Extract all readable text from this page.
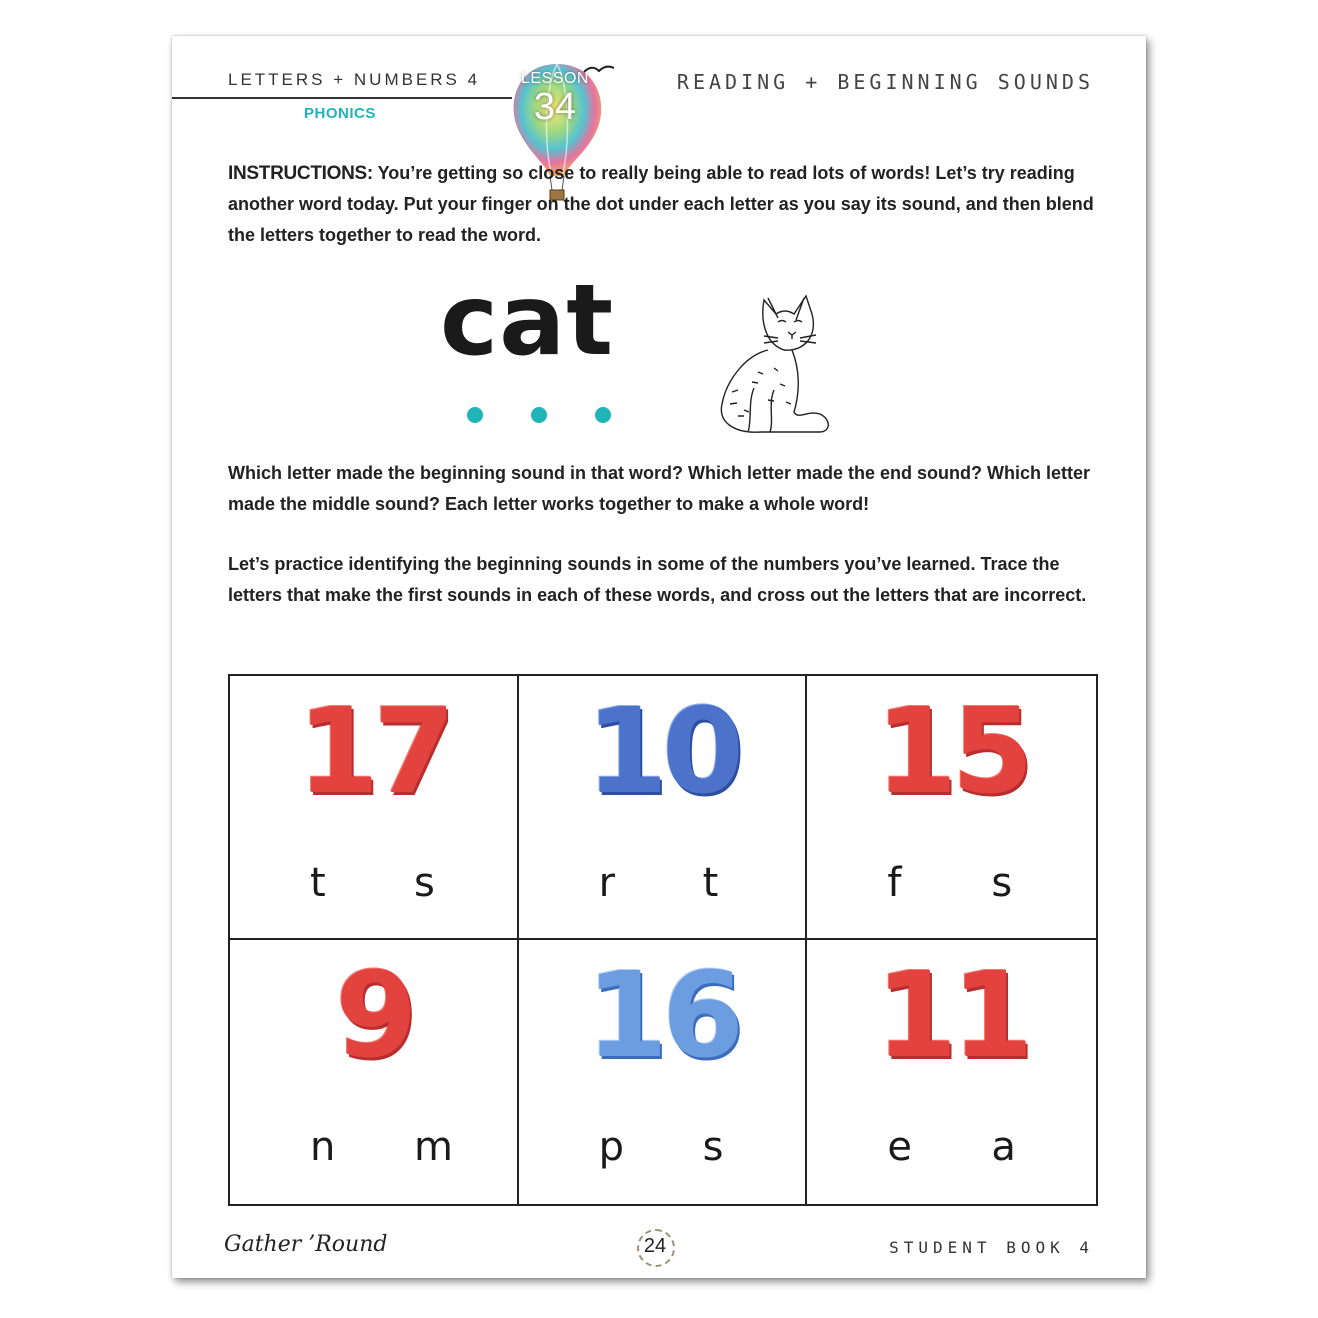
LETTERS + NUMBERS 4
PHONICS
LESSON
34
READING + BEGINNING SOUNDS
INSTRUCTIONS: You’re getting so close to really being able to read lots of words! Let’s try reading another word today. Put your finger on the dot under each letter as you say its sound, and then blend the letters together to read the word.
cat
Which letter made the beginning sound in that word? Which letter made the end sound? Which letter made the middle sound? Each letter works together to make a whole word!
Let’s practice identifying the beginning sounds in some of the numbers you’ve learned. Trace the letters that make the first sounds in each of these words, and cross out the letters that are incorrect.
17
t s
10
r t
15
f s
9
n m
16
p s
11
e a
Gather ’Round	24	STUDENT BOOK 4
